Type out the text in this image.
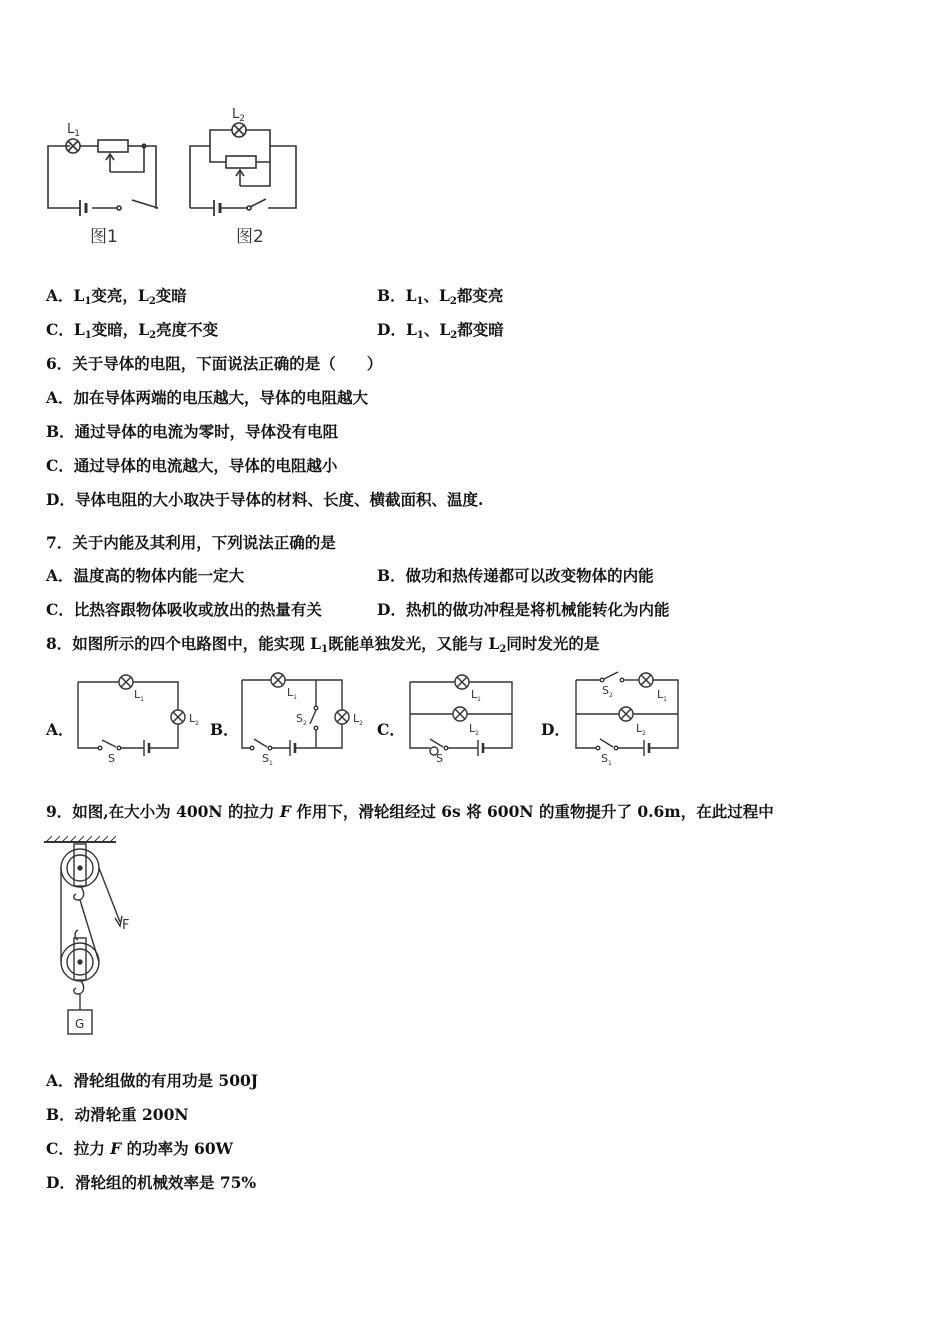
$L_1$
图1
$L_2$
图2
A．$L_1$变亮，$L_2$变暗	B．$L_1$、$L_2$都变亮
C．$L_1$变暗，$L_2$亮度不变	D．$L_1$、$L_2$都变暗
6．关于导体的电阻，下面说法正确的是（　　）
A．加在导体两端的电压越大，导体的电阻越大
B．通过导体的电流为零时，导体没有电阻
C．通过导体的电流越大，导体的电阻越小
D．导体电阻的大小取决于导体的材料、长度、横截面积、温度.
7．关于内能及其利用，下列说法正确的是
A．温度高的物体内能一定大	B．做功和热传递都可以改变物体的内能
C．比热容跟物体吸收或放出的热量有关	D．热机的做功冲程是将机械能转化为内能
8．如图所示的四个电路图中，能实现 $L_1$既能单独发光，又能与 $L_2$同时发光的是
A．	B．	C．	D．
$L_1$
$L_2$
S
$L_1$
$L_2$
$S_2$
$S_1$
$L_1$
$L_2$
S
$S_2$	$L_1$
$L_2$
$S_1$
9．如图,在大小为 400N 的拉力 F 作用下，滑轮组经过 6s 将 600N 的重物提升了 0.6m，在此过程中
F
G
A．滑轮组做的有用功是 500J
B．动滑轮重 200N
C．拉力 F 的功率为 60W
D．滑轮组的机械效率是 75%
